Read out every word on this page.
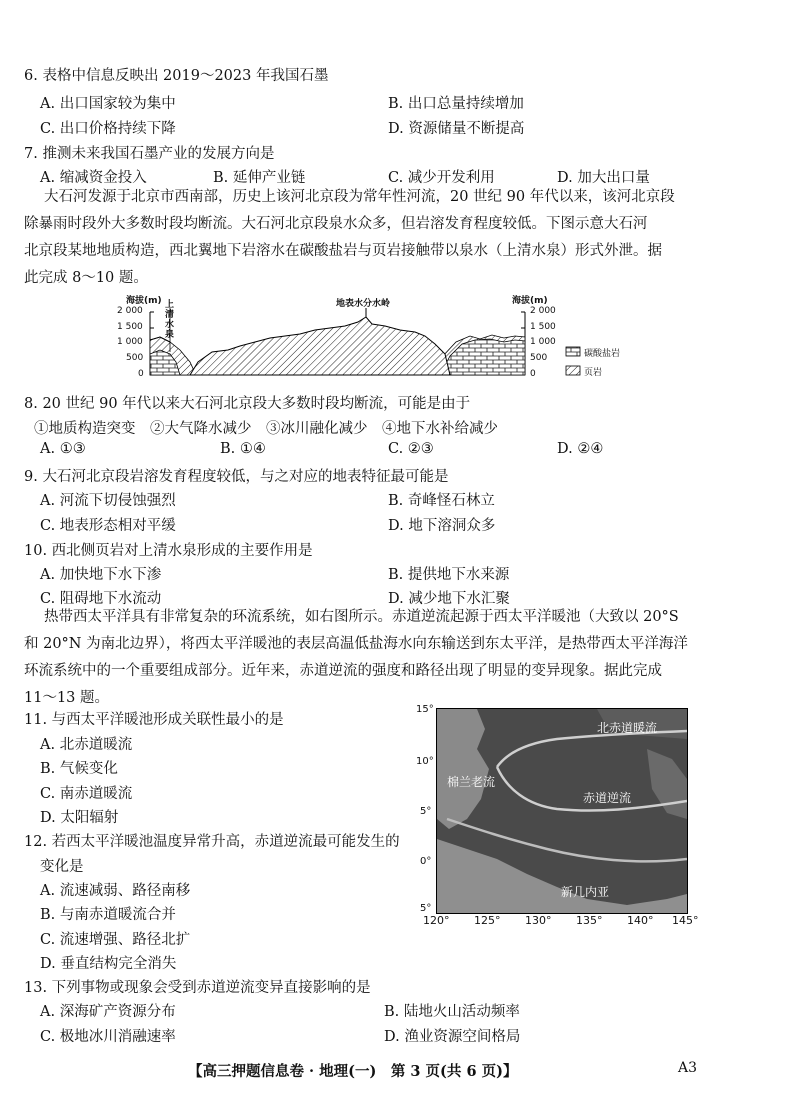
6. 表格中信息反映出 2019～2023 年我国石墨
A. 出口国家较为集中	B. 出口总量持续增加
C. 出口价格持续下降	D. 资源储量不断提高
7. 推测未来我国石墨产业的发展方向是
A. 缩减资金投入	B. 延伸产业链	C. 减少开发利用	D. 加大出口量
大石河发源于北京市西南部，历史上该河北京段为常年性河流，20 世纪 90 年代以来，该河北京段
除暴雨时段外大多数时段均断流。大石河北京段泉水众多，但岩溶发育程度较低。下图示意大石河
北京段某地地质构造，西北翼地下岩溶水在碳酸盐岩与页岩接触带以泉水（上清水泉）形式外泄。据
此完成 8～10 题。
海拔(m)	海拔(m)
2 000
1 500
1 000
500
0
2 000
1 500
1 000
500
0
上
清
水
泉
地表水分水岭
碳酸盐岩
页岩
8. 20 世纪 90 年代以来大石河北京段大多数时段均断流，可能是由于
①地质构造突变　②大气降水减少　③冰川融化减少　④地下水补给减少
A. ①③	B. ①④	C. ②③	D. ②④
9. 大石河北京段岩溶发育程度较低，与之对应的地表特征最可能是
A. 河流下切侵蚀强烈	B. 奇峰怪石林立
C. 地表形态相对平缓	D. 地下溶洞众多
10. 西北侧页岩对上清水泉形成的主要作用是
A. 加快地下水下渗	B. 提供地下水来源
C. 阻碍地下水流动	D. 减少地下水汇聚
热带西太平洋具有非常复杂的环流系统，如右图所示。赤道逆流起源于西太平洋暖池（大致以 20°S
和 20°N 为南北边界），将西太平洋暖池的表层高温低盐海水向东输送到东太平洋，是热带西太平洋海洋
环流系统中的一个重要组成部分。近年来，赤道逆流的强度和路径出现了明显的变异现象。据此完成
11～13 题。
11. 与西太平洋暖池形成关联性最小的是
A. 北赤道暖流
B. 气候变化
C. 南赤道暖流
D. 太阳辐射
12. 若西太平洋暖池温度异常升高，赤道逆流最可能发生的
变化是
A. 流速减弱、路径南移
B. 与南赤道暖流合并
C. 流速增强、路径北扩
D. 垂直结构完全消失
北赤道暖流
棉兰老流
赤道逆流
新几内亚
15°
10°
5°
0°
5°
120° 125° 130° 135° 140° 145°
13. 下列事物或现象会受到赤道逆流变异直接影响的是
A. 深海矿产资源分布	B. 陆地火山活动频率
C. 极地冰川消融速率	D. 渔业资源空间格局
【高三押题信息卷 · 地理(一)　第 3 页(共 6 页)】	A3
